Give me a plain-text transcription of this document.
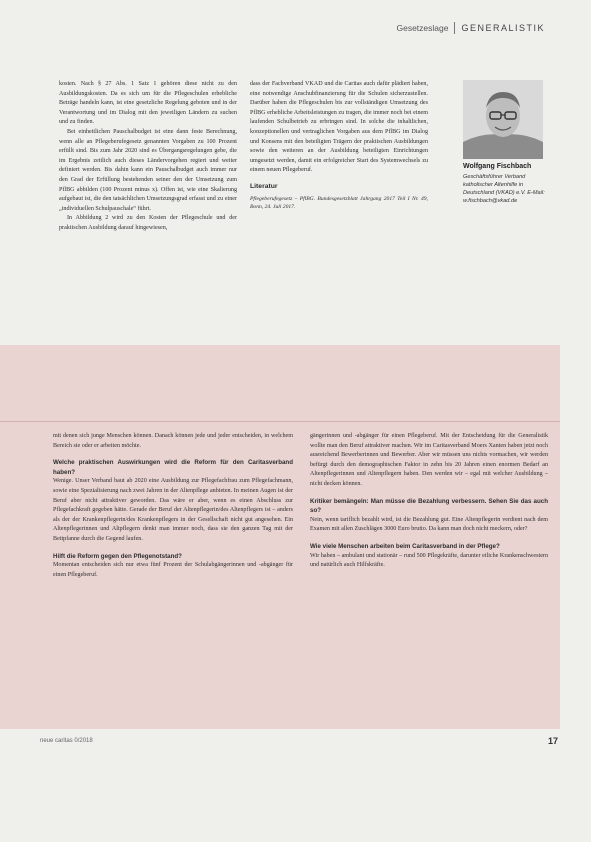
Gesetzeslage GENERALISTIK

kosten. Nach § 27 Abs. 1 Satz 1 gehören diese nicht zu den Ausbildungskosten. Da es sich um für die Pflegeschulen erhebliche Beträge handeln kann, ist eine gesetzliche Regelung geboten und in der Verantwortung und im Dialog mit den jeweiligen Ländern zu suchen und zu finden.

Bei einheitlichen Pauschalbudget ist eine dann feste Berechnung, wenn alle an Pflegeberufegesetz genannten Vorgaben zu 100 Prozent erfüllt sind. Bis zum Jahr 2020 sind es Übergangsregelungen gebe, die im Ergebnis zeitlich auch dieses Ländervorgehen regiert und weiter definiert werden. Bis dahin kann ein Pauschalbudget auch immer nur den Grad der Erfüllung bestehenden seiner den der Umsetzung zum PflBG abbilden (100 Prozent minus x). Offen ist, wie eine Skalierung aufgebaut ist, die den tatsächlichen Umsetzungsgrad erfasst und zu einer „individuellen Schulpauschale“ führt.

In Abbildung 2 wird zu den Kosten der Pflegeschule und der praktischen Ausbildung darauf hingewiesen,

dass der Fachverband VKAD und die Caritas auch dafür plädiert haben, eine notwendige Anschubfinanzierung für die Schulen sicherzustellen. Darüber haben die Pflegeschulen bis zur vollständigen Umsetzung des PflBG erhebliche Arbeitsleistungen zu tragen, die immer noch bei einem laufenden Schulbetrieb zu erbringen sind. In solche die inhaltlichen, konzeptionellen und vertraglichen Vorgaben aus dem PflBG im Dialog und Konsens mit den beteiligten Trägern der praktischen Ausbildungen sowie den weiteren an der Ausbildung beteiligten Einrichtungen umgesetzt werden, damit ein erfolgreicher Start des Systemwechsels zu einem neuen Pflegeberuf.

Literatur
Pflegeberufegesetz – PflBG. Bundesgesetzblatt Jahrgang 2017 Teil I Nr. 49, Bonn, 24. Juli 2017.
Wolfgang Fischbach
Geschäftsführer Verband katholischer Altenhilfe in Deutschland (VKAD) e.V. E-Mail: w.fischbach@vkad.de

mit denen sich junge Menschen können. Danach können jede und jeder entscheiden, in welchem Bereich sie oder er arbeiten möchte.

Welche praktischen Auswirkungen wird die Reform für den Caritasverband haben?

Wenige. Unser Verband baut ab 2020 eine Ausbildung zur Pflegefachfrau zum Pflegefachmann, sowie eine Spezialisierung nach zwei Jahren in der Altenpflege anbieten. In meinen Augen ist der Beruf aber nicht attraktiver geworden. Das wäre er aber, wenn es einen Abschluss zur Pflegefachkraft gegeben hätte. Gerade der Beruf der Altenpflegerin/des Altenpflegers ist – anders als der der Krankenpflegerin/des Krankenpflegers in der Gesellschaft nicht gut angesehen. Ein Altenpflegerinnen und Altpflegern denkt man immer noch, dass sie den ganzen Tag mit der Bettpfanne durch die Gegend laufen.

Hilft die Reform gegen den Pflegenotstand?

Momentan entscheiden sich nur etwa fünf Prozent der Schulabgängerinnen und -abgänger für einen Pflegeberuf.

gängerinnen und -abgänger für einen Pflegeberuf. Mit der Entscheidung für die Generalistik wollte man den Beruf attraktiver machen. Wir im Caritasverband Moers Xanten haben jetzt noch ausreichend Bewerberinnen und Bewerber. Aber wir müssen uns nichts vormachen, wir werden befürgt durch den demographischen Faktor in zehn bis 20 Jahren einen enormen Bedarf an Altenpflegerinnen und Altenpflegern haben. Den werden wir – egal mit welcher Ausbildung – nicht decken können.

Kritiker bemängeln: Man müsse die Bezahlung verbessern. Sehen Sie das auch so?

Nein, wenn tariflich bezahlt wird, ist die Bezahlung gut. Eine Altenpflegerin verdient nach dem Examen mit allen Zuschlägen 3000 Euro brutto. Da kann man doch nicht meckern, oder?

Wie viele Menschen arbeiten beim Caritasverband in der Pflege?

Wir haben – ambulant und stationär – rund 500 Pflegekräfte, darunter etliche Krankenschwestern und natürlich auch Hilfskräfte.

neue caritas 0/2018	17
